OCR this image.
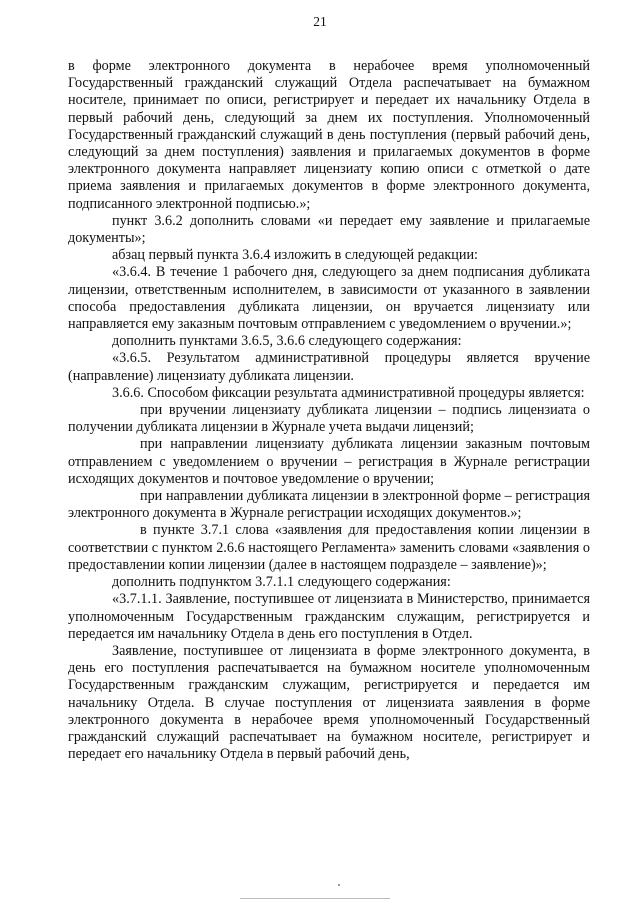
21

в форме электронного документа в нерабочее время уполномоченный Государственный гражданский служащий Отдела распечатывает на бумажном носителе, принимает по описи, регистрирует и передает их начальнику Отдела в первый рабочий день, следующий за днем их поступления. Уполномоченный Государственный гражданский служащий в день поступления (первый рабочий день, следующий за днем поступления) заявления и прилагаемых документов в форме электронного документа направляет лицензиату копию описи с отметкой о дате приема заявления и прилагаемых документов в форме электронного документа, подписанного электронной подписью.»;

пункт 3.6.2 дополнить словами «и передает ему заявление и прилагаемые документы»;

абзац первый пункта 3.6.4 изложить в следующей редакции:

«3.6.4. В течение 1 рабочего дня, следующего за днем подписания дубликата лицензии, ответственным исполнителем, в зависимости от указанного в заявлении способа предоставления дубликата лицензии, он вручается лицензиату или направляется ему заказным почтовым отправлением с уведомлением о вручении.»;

дополнить пунктами 3.6.5, 3.6.6 следующего содержания:

«3.6.5. Результатом административной процедуры является вручение (направление) лицензиату дубликата лицензии.

3.6.6. Способом фиксации результата административной процедуры является:

при вручении лицензиату дубликата лицензии – подпись лицензиата о получении дубликата лицензии в Журнале учета выдачи лицензий;

при направлении лицензиату дубликата лицензии заказным почтовым отправлением с уведомлением о вручении – регистрация в Журнале регистрации исходящих документов и почтовое уведомление о вручении;

при направлении дубликата лицензии в электронной форме – регистрация электронного документа в Журнале регистрации исходящих документов.»;

в пункте 3.7.1 слова «заявления для предоставления копии лицензии в соответствии с пунктом 2.6.6 настоящего Регламента» заменить словами «заявления о предоставлении копии лицензии (далее в настоящем подразделе – заявление)»;

дополнить подпунктом 3.7.1.1 следующего содержания:

«3.7.1.1. Заявление, поступившее от лицензиата в Министерство, принимается уполномоченным Государственным гражданским служащим, регистрируется и передается им начальнику Отдела в день его поступления в Отдел.

Заявление, поступившее от лицензиата в форме электронного документа, в день его поступления распечатывается на бумажном носителе уполномоченным Государственным гражданским служащим, регистрируется и передается им начальнику Отдела. В случае поступления от лицензиата заявления в форме электронного документа в нерабочее время уполномоченный Государственный гражданский служащий распечатывает на бумажном носителе, регистрирует и передает его начальнику Отдела в первый рабочий день,
